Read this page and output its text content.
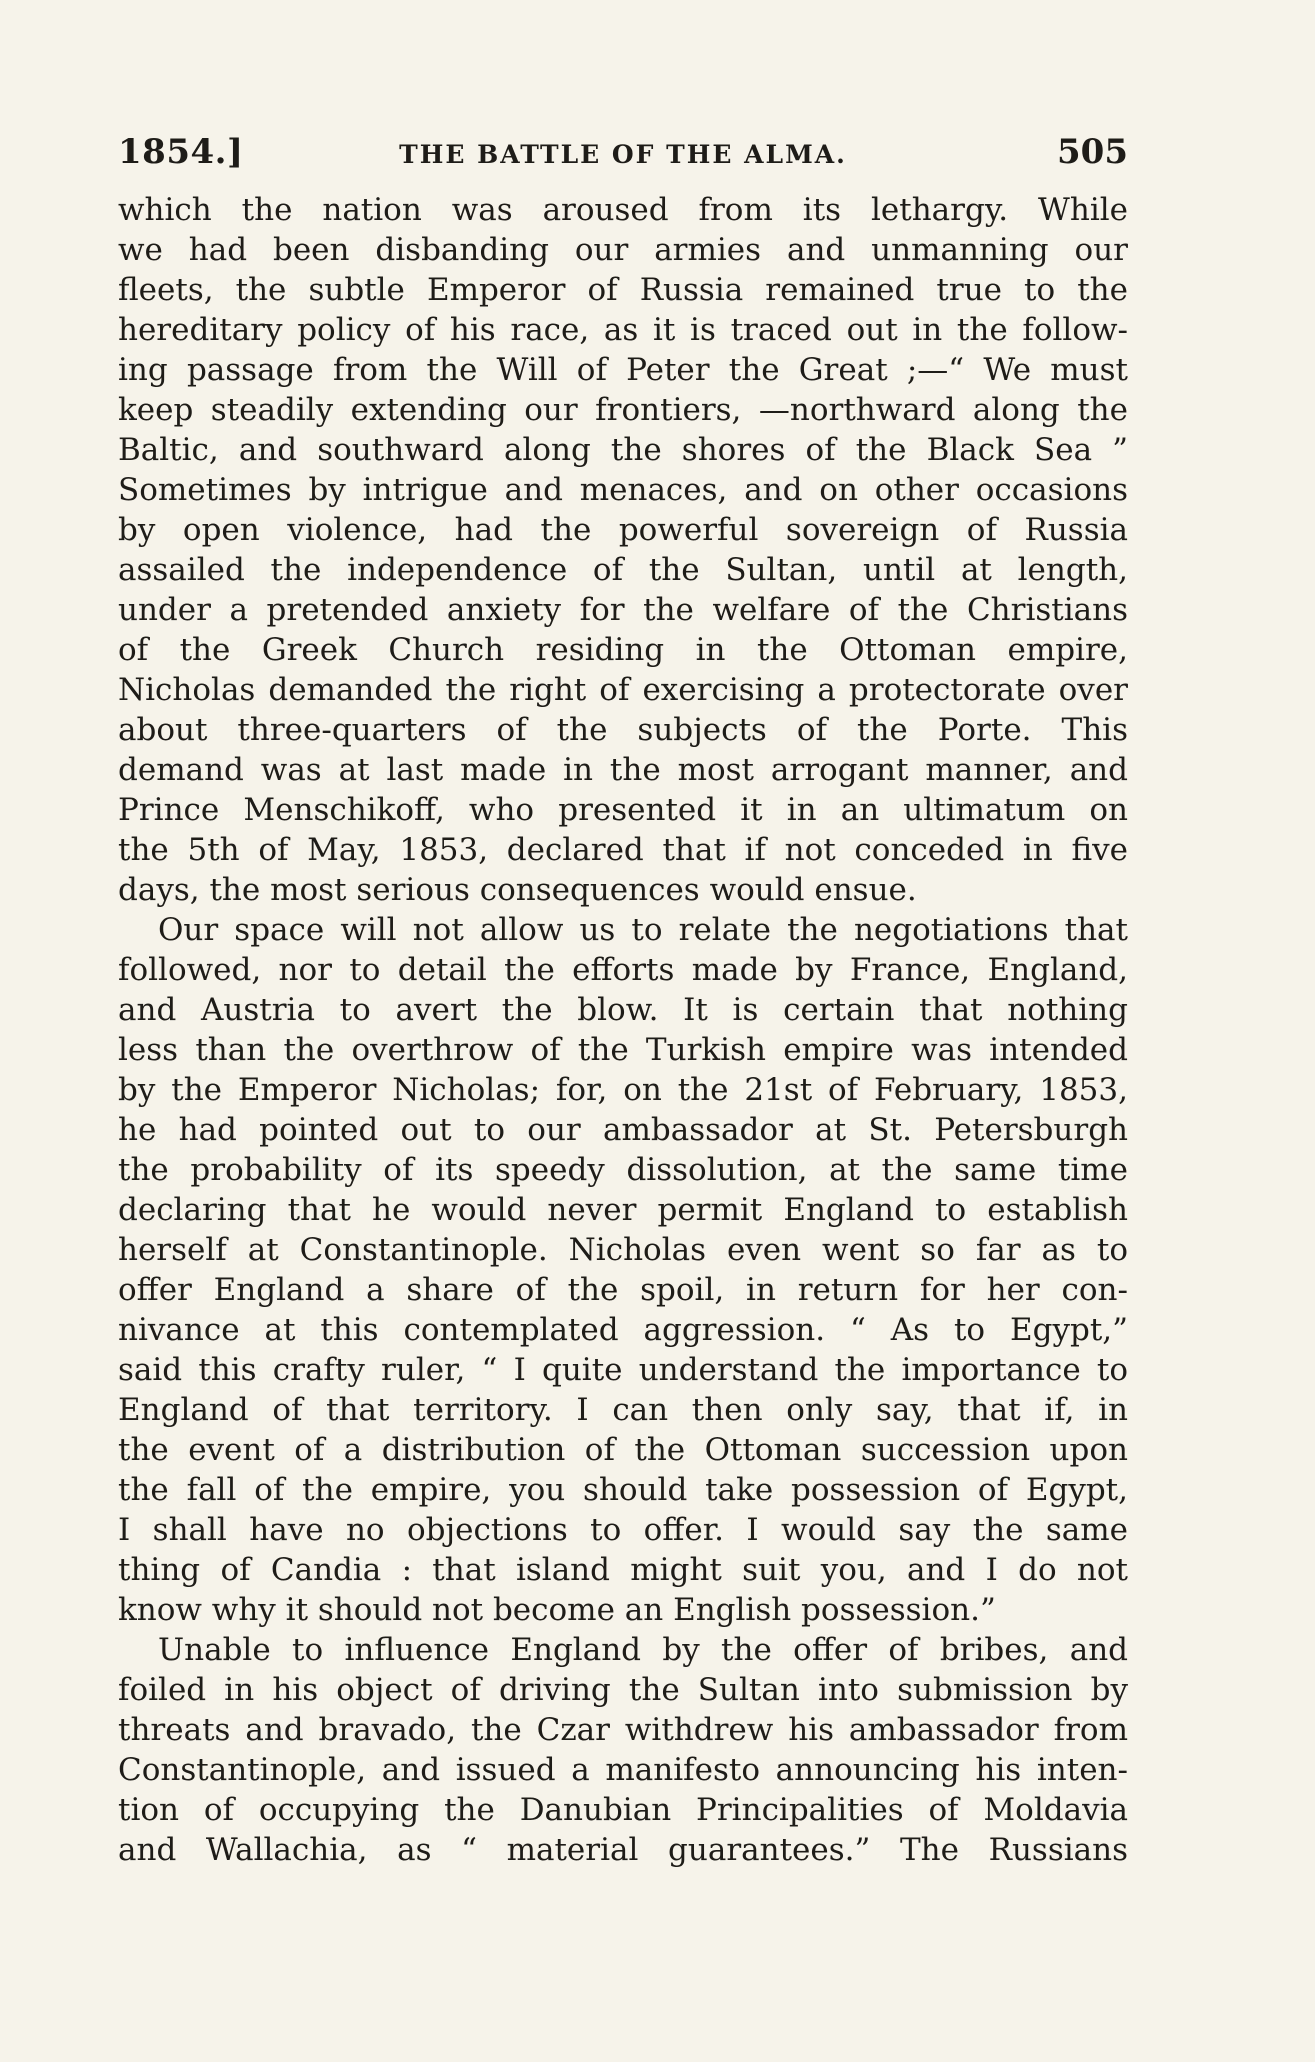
1854.]	THE BATTLE OF THE ALMA.	505
which the nation was aroused from its lethargy. While
we had been disbanding our armies and unmanning our
fleets, the subtle Emperor of Russia remained true to the
hereditary policy of his race, as it is traced out in the follow-
ing passage from the Will of Peter the Great ;—“ We must
keep steadily extending our frontiers, —northward along the
Baltic, and southward along the shores of the Black Sea ”
Sometimes by intrigue and menaces, and on other occasions
by open violence, had the powerful sovereign of Russia
assailed the independence of the Sultan, until at length,
under a pretended anxiety for the welfare of the Christians
of the Greek Church residing in the Ottoman empire,
Nicholas demanded the right of exercising a protectorate over
about three-quarters of the subjects of the Porte. This
demand was at last made in the most arrogant manner, and
Prince Menschikoff, who presented it in an ultimatum on
the 5th of May, 1853, declared that if not conceded in five
days, the most serious consequences would ensue.
Our space will not allow us to relate the negotiations that
followed, nor to detail the efforts made by France, England,
and Austria to avert the blow. It is certain that nothing
less than the overthrow of the Turkish empire was intended
by the Emperor Nicholas; for, on the 21st of February, 1853,
he had pointed out to our ambassador at St. Petersburgh
the probability of its speedy dissolution, at the same time
declaring that he would never permit England to establish
herself at Constantinople. Nicholas even went so far as to
offer England a share of the spoil, in return for her con-
nivance at this contemplated aggression. “ As to Egypt,”
said this crafty ruler, “ I quite understand the importance to
England of that territory. I can then only say, that if, in
the event of a distribution of the Ottoman succession upon
the fall of the empire, you should take possession of Egypt,
I shall have no objections to offer. I would say the same
thing of Candia : that island might suit you, and I do not
know why it should not become an English possession.”
Unable to influence England by the offer of bribes, and
foiled in his object of driving the Sultan into submission by
threats and bravado, the Czar withdrew his ambassador from
Constantinople, and issued a manifesto announcing his inten-
tion of occupying the Danubian Principalities of Moldavia
and Wallachia, as “ material guarantees.” The Russians
